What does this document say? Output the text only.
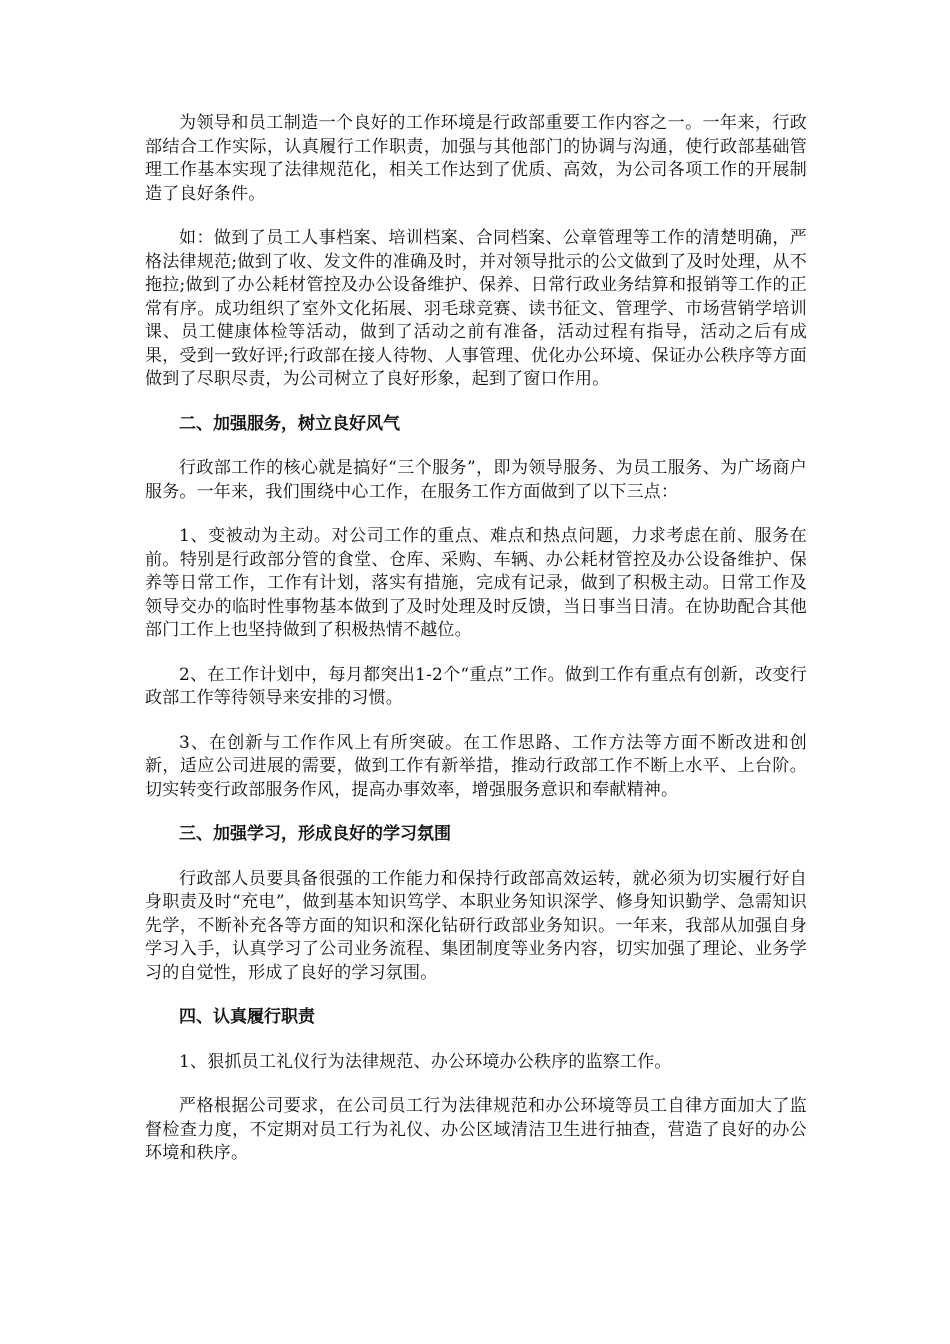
为领导和员工制造一个良好的工作环境是行政部重要工作内容之一。一年来，行政部结合工作实际，认真履行工作职责，加强与其他部门的协调与沟通，使行政部基础管理工作基本实现了法律规范化，相关工作达到了优质、高效，为公司各项工作的开展制造了良好条件。

如：做到了员工人事档案、培训档案、合同档案、公章管理等工作的清楚明确，严格法律规范;做到了收、发文件的准确及时，并对领导批示的公文做到了及时处理，从不拖拉;做到了办公耗材管控及办公设备维护、保养、日常行政业务结算和报销等工作的正常有序。成功组织了室外文化拓展、羽毛球竞赛、读书征文、管理学、市场营销学培训课、员工健康体检等活动，做到了活动之前有准备，活动过程有指导，活动之后有成果，受到一致好评;行政部在接人待物、人事管理、优化办公环境、保证办公秩序等方面做到了尽职尽责，为公司树立了良好形象，起到了窗口作用。

二、加强服务，树立良好风气

行政部工作的核心就是搞好“三个服务”，即为领导服务、为员工服务、为广场商户服务。一年来，我们围绕中心工作，在服务工作方面做到了以下三点：

1、变被动为主动。对公司工作的重点、难点和热点问题，力求考虑在前、服务在前。特别是行政部分管的食堂、仓库、采购、车辆、办公耗材管控及办公设备维护、保养等日常工作，工作有计划，落实有措施，完成有记录，做到了积极主动。日常工作及领导交办的临时性事物基本做到了及时处理及时反馈，当日事当日清。在协助配合其他部门工作上也坚持做到了积极热情不越位。

2、在工作计划中，每月都突出1-2个“重点”工作。做到工作有重点有创新，改变行政部工作等待领导来安排的习惯。

3、在创新与工作作风上有所突破。在工作思路、工作方法等方面不断改进和创新，适应公司进展的需要，做到工作有新举措，推动行政部工作不断上水平、上台阶。切实转变行政部服务作风，提高办事效率，增强服务意识和奉献精神。

三、加强学习，形成良好的学习氛围

行政部人员要具备很强的工作能力和保持行政部高效运转，就必须为切实履行好自身职责及时“充电”，做到基本知识笃学、本职业务知识深学、修身知识勤学、急需知识先学，不断补充各等方面的知识和深化钻研行政部业务知识。一年来，我部从加强自身学习入手，认真学习了公司业务流程、集团制度等业务内容，切实加强了理论、业务学习的自觉性，形成了良好的学习氛围。

四、认真履行职责

1、狠抓员工礼仪行为法律规范、办公环境办公秩序的监察工作。

严格根据公司要求，在公司员工行为法律规范和办公环境等员工自律方面加大了监督检查力度，不定期对员工行为礼仪、办公区域清洁卫生进行抽查，营造了良好的办公环境和秩序。
